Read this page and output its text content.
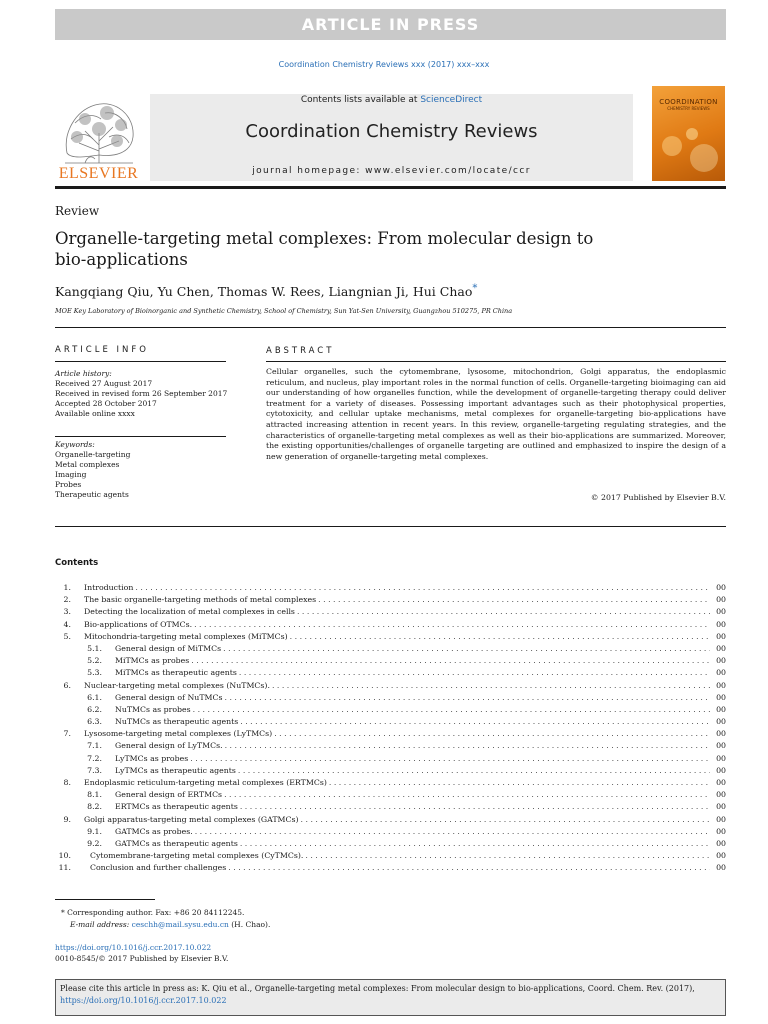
ARTICLE IN PRESS
Coordination Chemistry Reviews xxx (2017) xxx–xxx
ELSEVIER
Contents lists available at ScienceDirect
Coordination Chemistry Reviews
journal homepage: www.elsevier.com/locate/ccr
COORDINATION
CHEMISTRY REVIEWS
Review
Organelle-targeting metal complexes: From molecular design to bio-applications
Kangqiang Qiu, Yu Chen, Thomas W. Rees, Liangnian Ji, Hui Chao*
MOE Key Laboratory of Bioinorganic and Synthetic Chemistry, School of Chemistry, Sun Yat-Sen University, Guangzhou 510275, PR China
ARTICLE INFO	ABSTRACT
Article history:
Received 27 August 2017
Received in revised form 26 September 2017
Accepted 28 October 2017
Available online xxxx
Keywords:
Organelle-targeting
Metal complexes
Imaging
Probes
Therapeutic agents
Cellular organelles, such the cytomembrane, lysosome, mitochondrion, Golgi apparatus, the endoplasmic reticulum, and nucleus, play important roles in the normal function of cells. Organelle-targeting bioimaging can aid our understanding of how organelles function, while the development of organelle-targeting therapy could deliver treatment for a variety of diseases. Possessing important advantages such as their photophysical properties, cytotoxicity, and cellular uptake mechanisms, metal complexes for organelle-targeting bio-applications have attracted increasing attention in recent years. In this review, organelle-targeting regulating strategies, and the characteristics of organelle-targeting metal complexes as well as their bio-applications are summarized. Moreover, the existing opportunities/challenges of organelle targeting are outlined and emphasized to inspire the design of a new generation of organelle-targeting metal complexes.
© 2017 Published by Elsevier B.V.
Contents
1.	Introduction . . .	00
2.	The basic organelle-targeting methods of metal complexes . . .	00
3.	Detecting the localization of metal complexes in cells . . .	00
4.	Bio-applications of OTMCs. . . .	00
5.	Mitochondria-targeting metal complexes (MiTMCs) . . .	00
5.1.	General design of MiTMCs . . .	00
5.2.	MiTMCs as probes . . .	00
5.3.	MiTMCs as therapeutic agents . . .	00
6.	Nuclear-targeting metal complexes (NuTMCs). . . .	00
6.1.	General design of NuTMCs . . .	00
6.2.	NuTMCs as probes . . .	00
6.3.	NuTMCs as therapeutic agents . . .	00
7.	Lysosome-targeting metal complexes (LyTMCs) . . .	00
7.1.	General design of LyTMCs. . . .	00
7.2.	LyTMCs as probes . . .	00
7.3.	LyTMCs as therapeutic agents . . .	00
8.	Endoplasmic reticulum-targeting metal complexes (ERTMCs) . . .	00
8.1.	General design of ERTMCs . . .	00
8.2.	ERTMCs as therapeutic agents . . .	00
9.	Golgi apparatus-targeting metal complexes (GATMCs) . . .	00
9.1.	GATMCs as probes. . . .	00
9.2.	GATMCs as therapeutic agents . . .	00
10.	Cytomembrane-targeting metal complexes (CyTMCs). . . .	00
11.	Conclusion and further challenges . . .	00
* Corresponding author. Fax: +86 20 84112245.
E-mail address: ceschh@mail.sysu.edu.cn (H. Chao).
https://doi.org/10.1016/j.ccr.2017.10.022
0010-8545/© 2017 Published by Elsevier B.V.
Please cite this article in press as: K. Qiu et al., Organelle-targeting metal complexes: From molecular design to bio-applications, Coord. Chem. Rev. (2017),
https://doi.org/10.1016/j.ccr.2017.10.022
